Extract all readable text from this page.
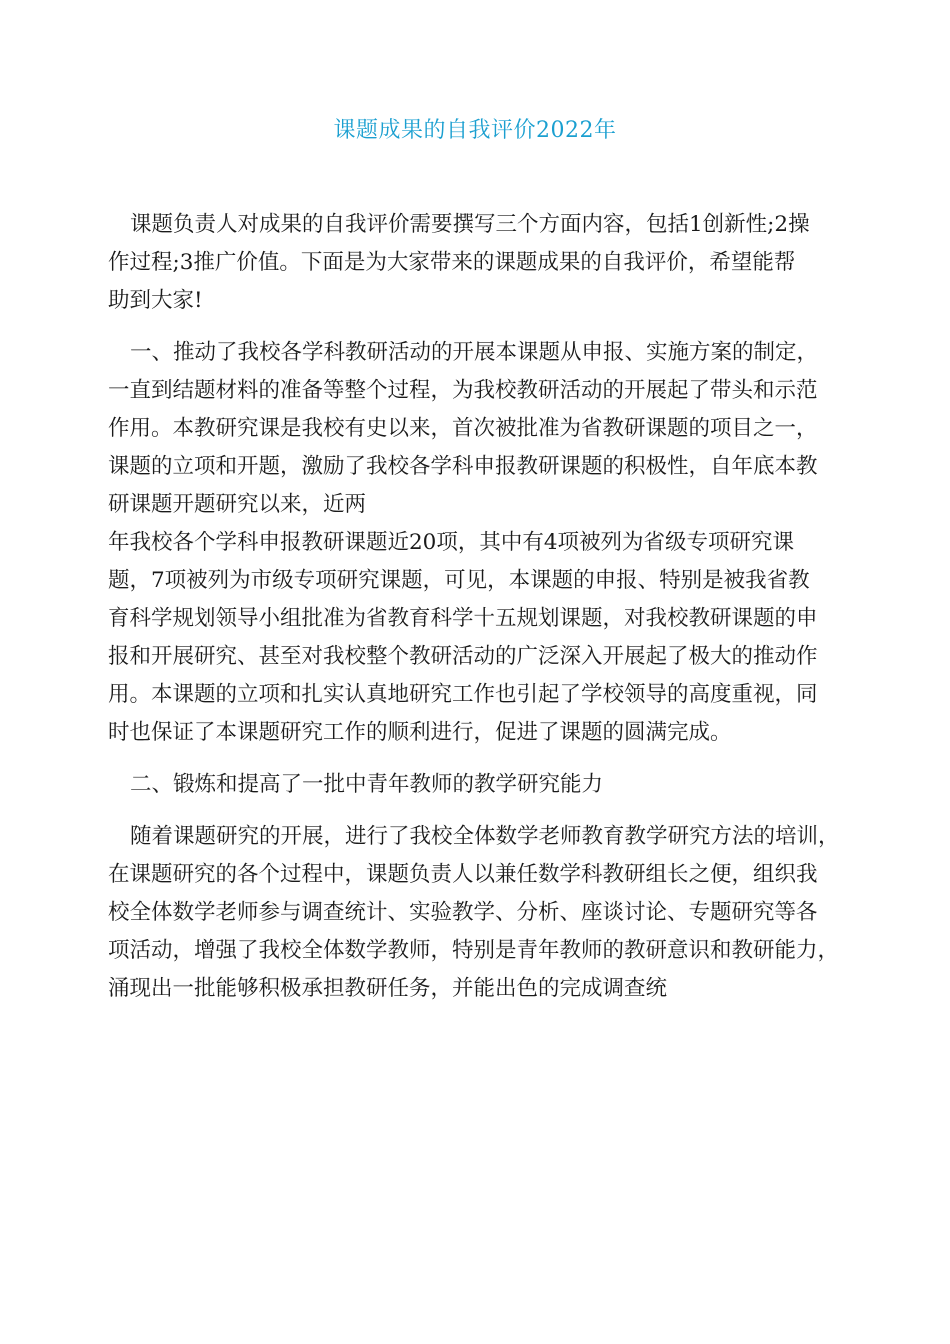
课题成果的自我评价2022年
课题负责人对成果的自我评价需要撰写三个方面内容，包括1创新性;2操
作过程;3推广价值。下面是为大家带来的课题成果的自我评价，希望能帮
助到大家!
一、推动了我校各学科教研活动的开展本课题从申报、实施方案的制定，
一直到结题材料的准备等整个过程，为我校教研活动的开展起了带头和示范
作用。本教研究课是我校有史以来，首次被批准为省教研课题的项目之一，
课题的立项和开题，激励了我校各学科申报教研课题的积极性，自年底本教
研课题开题研究以来，近两
年我校各个学科申报教研课题近20项，其中有4项被列为省级专项研究课
题，7项被列为市级专项研究课题，可见，本课题的申报、特别是被我省教
育科学规划领导小组批准为省教育科学十五规划课题，对我校教研课题的申
报和开展研究、甚至对我校整个教研活动的广泛深入开展起了极大的推动作
用。本课题的立项和扎实认真地研究工作也引起了学校领导的高度重视，同
时也保证了本课题研究工作的顺利进行，促进了课题的圆满完成。
二、锻炼和提高了一批中青年教师的教学研究能力
随着课题研究的开展，进行了我校全体数学老师教育教学研究方法的培训，
在课题研究的各个过程中，课题负责人以兼任数学科教研组长之便，组织我
校全体数学老师参与调查统计、实验教学、分析、座谈讨论、专题研究等各
项活动，增强了我校全体数学教师，特别是青年教师的教研意识和教研能力，
涌现出一批能够积极承担教研任务，并能出色的完成调查统
